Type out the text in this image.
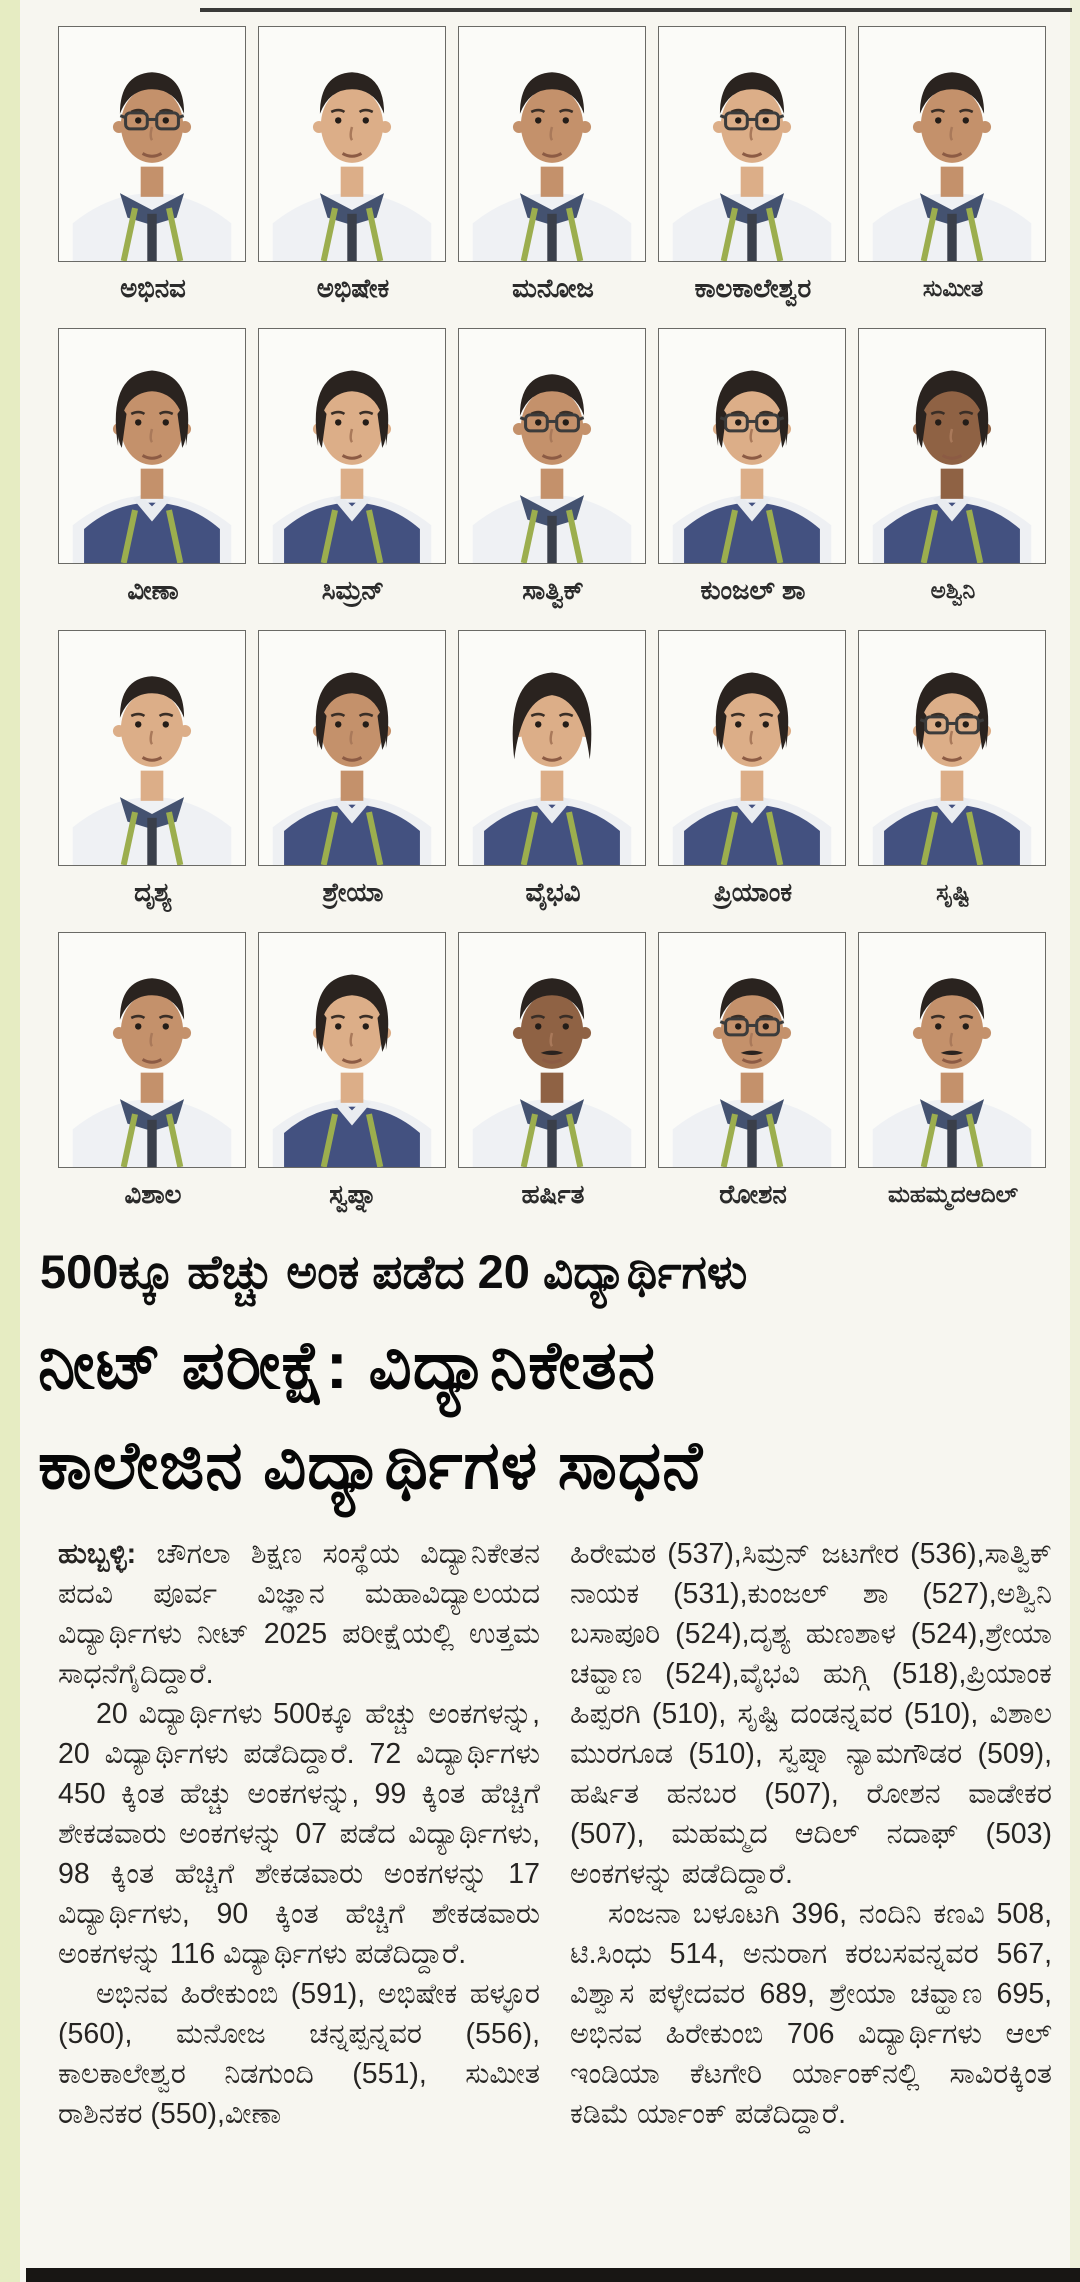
ಅಭಿನವ	ಅಭಿಷೇಕ	ಮನೋಜ	ಕಾಲಕಾಲೇಶ್ವರ	ಸುಮೀತ
ವೀಣಾ	ಸಿಮ್ರನ್	ಸಾತ್ವಿಕ್	ಕುಂಜಲ್ ಶಾ	ಅಶ್ವಿನಿ
ದೃಶ್ಯ	ಶ್ರೇಯಾ	ವೈಭವಿ	ಪ್ರಿಯಾಂಕ	ಸೃಷ್ಟಿ
ವಿಶಾಲ	ಸ್ವಪ್ನಾ	ಹರ್ಷಿತ	ರೋಶನ	ಮಹಮ್ಮದಆದಿಲ್
500ಕ್ಕೂ ಹೆಚ್ಚು ಅಂಕ ಪಡೆದ 20 ವಿದ್ಯಾರ್ಥಿಗಳು
ನೀಟ್ ಪರೀಕ್ಷೆ: ವಿದ್ಯಾನಿಕೇತನ
ಕಾಲೇಜಿನ ವಿದ್ಯಾರ್ಥಿಗಳ ಸಾಧನೆ

ಹುಬ್ಬಳ್ಳಿ: ಚೌಗಲಾ ಶಿಕ್ಷಣ ಸಂಸ್ಥೆಯ ವಿದ್ಯಾನಿಕೇತನ ಪದವಿ ಪೂರ್ವ ವಿಜ್ಞಾನ ಮಹಾವಿದ್ಯಾಲಯದ ವಿದ್ಯಾರ್ಥಿಗಳು ನೀಟ್ 2025 ಪರೀಕ್ಷೆಯಲ್ಲಿ ಉತ್ತಮ ಸಾಧನೆಗೈದಿದ್ದಾರೆ.

20 ವಿದ್ಯಾರ್ಥಿಗಳು 500ಕ್ಕೂ ಹೆಚ್ಚು ಅಂಕಗಳನ್ನು, 20 ವಿದ್ಯಾರ್ಥಿಗಳು ಪಡೆದಿದ್ದಾರೆ. 72 ವಿದ್ಯಾರ್ಥಿಗಳು 450 ಕ್ಕಿಂತ ಹೆಚ್ಚು ಅಂಕಗಳನ್ನು, 99 ಕ್ಕಿಂತ ಹೆಚ್ಚಿಗೆ ಶೇಕಡವಾರು ಅಂಕಗಳನ್ನು 07 ಪಡೆದ ವಿದ್ಯಾರ್ಥಿಗಳು, 98 ಕ್ಕಿಂತ ಹೆಚ್ಚಿಗೆ ಶೇಕಡವಾರು ಅಂಕಗಳನ್ನು 17 ವಿದ್ಯಾರ್ಥಿಗಳು, 90 ಕ್ಕಿಂತ ಹೆಚ್ಚಿಗೆ ಶೇಕಡವಾರು ಅಂಕಗಳನ್ನು 116 ವಿದ್ಯಾರ್ಥಿಗಳು ಪಡೆದಿದ್ದಾರೆ.

ಅಭಿನವ ಹಿರೇಕುಂಬಿ (591), ಅಭಿಷೇಕ ಹಳ್ಳೂರ (560), ಮನೋಜ ಚನ್ನಪ್ಪನ್ನವರ (556), ಕಾಲಕಾಲೇಶ್ವರ ನಿಡಗುಂದಿ (551), ಸುಮೀತ ರಾಶಿನಕರ (550),ವೀಣಾ

ಹಿರೇಮಠ (537),ಸಿಮ್ರನ್ ಜಟಗೇರ (536),ಸಾತ್ವಿಕ್ ನಾಯಕ (531),ಕುಂಜಲ್ ಶಾ (527),ಅಶ್ವಿನಿ ಬಸಾಪೂರಿ (524),ದೃಶ್ಯ ಹುಣಶಾಳ (524),ಶ್ರೇಯಾ ಚವ್ಹಾಣ (524),ವೈಭವಿ ಹುಗ್ಗಿ (518),ಪ್ರಿಯಾಂಕ ಹಿಪ್ಪರಗಿ (510), ಸೃಷ್ಟಿ ದಂಡನ್ನವರ (510), ವಿಶಾಲ ಮುರಗೂಡ (510), ಸ್ವಪ್ನಾ ನ್ಯಾಮಗೌಡರ (509), ಹರ್ಷಿತ ಹನಬರ (507), ರೋಶನ ವಾಡೇಕರ (507), ಮಹಮ್ಮದ ಆದಿಲ್ ನದಾಫ್ (503) ಅಂಕಗಳನ್ನು ಪಡೆದಿದ್ದಾರೆ.

ಸಂಜನಾ ಬಳೂಟಗಿ 396, ನಂದಿನಿ ಕಣವಿ 508, ಟಿ.ಸಿಂಧು 514, ಅನುರಾಗ ಕರಬಸವನ್ನವರ 567, ವಿಶ್ವಾಸ ಪಳ್ಳೇದವರ 689, ಶ್ರೇಯಾ ಚವ್ಹಾಣ 695, ಅಭಿನವ ಹಿರೇಕುಂಬಿ 706 ವಿದ್ಯಾರ್ಥಿಗಳು ಆಲ್ ಇಂಡಿಯಾ ಕೆಟಗೇರಿ ರ್ಯಾಂಕ್‌ನಲ್ಲಿ ಸಾವಿರಕ್ಕಿಂತ ಕಡಿಮೆ ರ್ಯಾಂಕ್ ಪಡೆದಿದ್ದಾರೆ.
